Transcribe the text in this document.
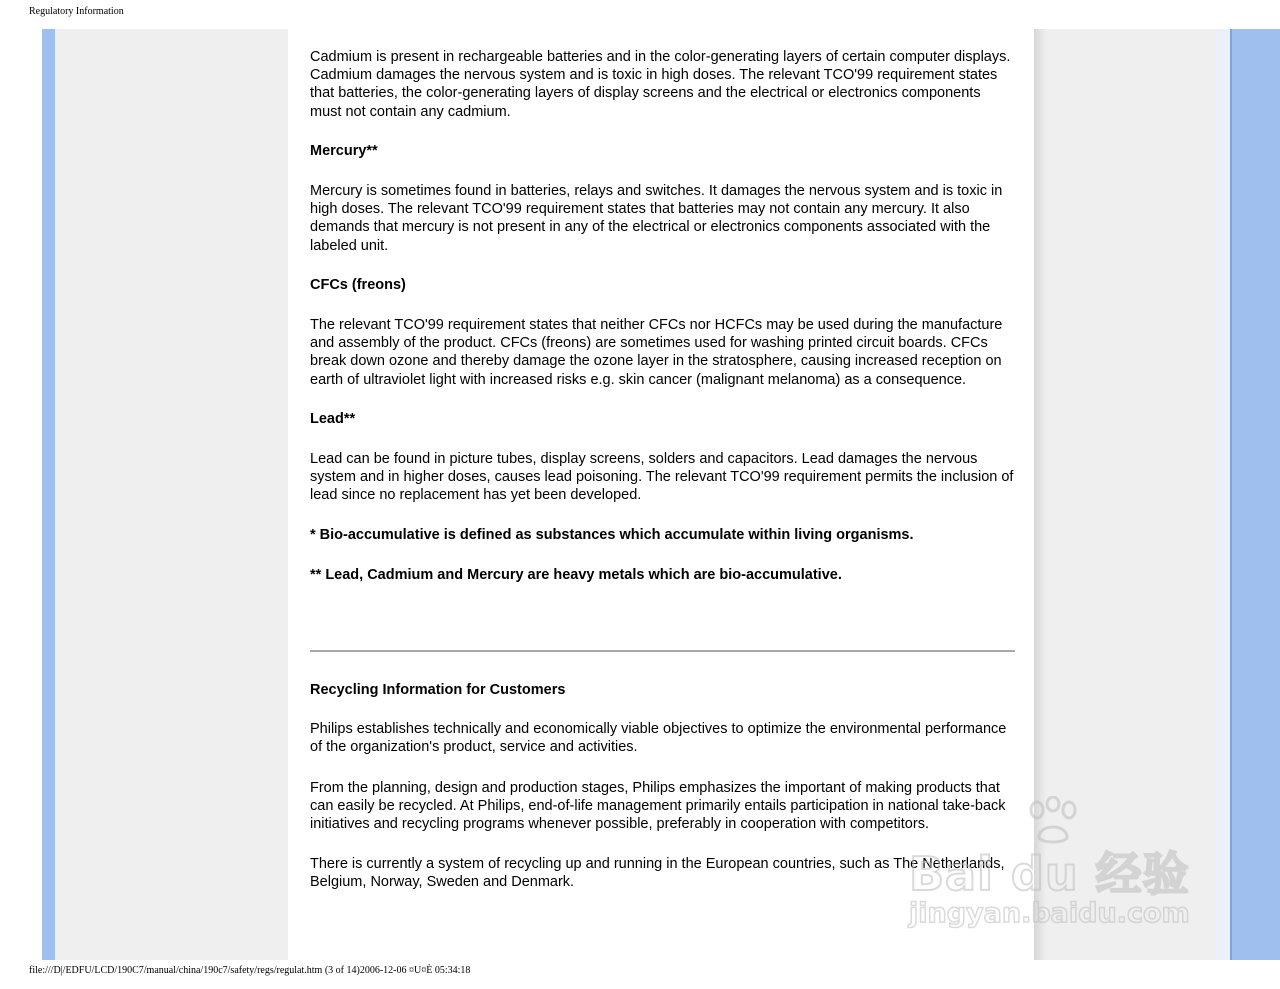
Regulatory Information

Cadmium is present in rechargeable batteries and in the color-generating layers of certain computer displays. Cadmium damages the nervous system and is toxic in high doses. The relevant TCO'99 requirement states that batteries, the color-generating layers of display screens and the electrical or electronics components must not contain any cadmium.

Mercury**

Mercury is sometimes found in batteries, relays and switches. It damages the nervous system and is toxic in high doses. The relevant TCO'99 requirement states that batteries may not contain any mercury. It also demands that mercury is not present in any of the electrical or electronics components associated with the labeled unit.

CFCs (freons)

The relevant TCO'99 requirement states that neither CFCs nor HCFCs may be used during the manufacture and assembly of the product. CFCs (freons) are sometimes used for washing printed circuit boards. CFCs break down ozone and thereby damage the ozone layer in the stratosphere, causing increased reception on earth of ultraviolet light with increased risks e.g. skin cancer (malignant melanoma) as a consequence.

Lead**

Lead can be found in picture tubes, display screens, solders and capacitors. Lead damages the nervous system and in higher doses, causes lead poisoning. The relevant TCO'99 requirement permits the inclusion of lead since no replacement has yet been developed.

* Bio-accumulative is defined as substances which accumulate within living organisms.

** Lead, Cadmium and Mercury are heavy metals which are bio-accumulative.

Recycling Information for Customers

Philips establishes technically and economically viable objectives to optimize the environmental performance of the organization's product, service and activities.

From the planning, design and production stages, Philips emphasizes the important of making products that can easily be recycled. At Philips, end-of-life management primarily entails participation in national take-back initiatives and recycling programs whenever possible, preferably in cooperation with competitors.

There is currently a system of recycling up and running in the European countries, such as The Netherlands, Belgium, Norway, Sweden and Denmark.	Bai du 经验
jingyan.baidu.com
file:///D|/EDFU/LCD/190C7/manual/china/190c7/safety/regs/regulat.htm (3 of 14)2006-12-06 ¤U¤È 05:34:18
